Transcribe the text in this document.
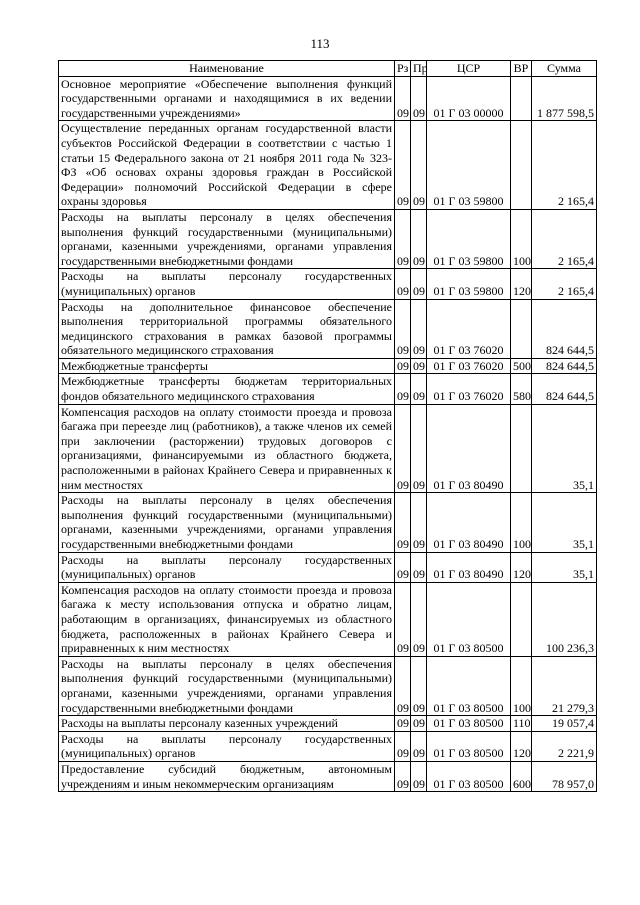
113
Наименование	Рз	Пр	ЦСР	ВР	Сумма
Основное мероприятие «Обеспечение выполнения функций государственными органами и находящимися в их ведении государственными учреждениями»	09	09	01 Г 03 00000		1 877 598,5
Осуществление переданных органам государственной власти субъектов Российской Федерации в соответствии с частью 1 статьи 15 Федерального закона от 21 ноября 2011 года № 323-ФЗ «Об основах охраны здоровья граждан в Российской Федерации» полномочий Российской Федерации в сфере охраны здоровья	09	09	01 Г 03 59800		2 165,4
Расходы на выплаты персоналу в целях обеспечения выполнения функций государственными (муниципальными) органами, казенными учреждениями, органами управления государственными внебюджетными фондами	09	09	01 Г 03 59800	100	2 165,4
Расходы на выплаты персоналу государственных (муниципальных) органов	09	09	01 Г 03 59800	120	2 165,4
Расходы на дополнительное финансовое обеспечение выполнения территориальной программы обязательного медицинского страхования в рамках базовой программы обязательного медицинского страхования	09	09	01 Г 03 76020		824 644,5
Межбюджетные трансферты	09	09	01 Г 03 76020	500	824 644,5
Межбюджетные трансферты бюджетам территориальных фондов обязательного медицинского страхования	09	09	01 Г 03 76020	580	824 644,5
Компенсация расходов на оплату стоимости проезда и провоза багажа при переезде лиц (работников), а также членов их семей при заключении (расторжении) трудовых договоров с организациями, финансируемыми из областного бюджета, расположенными в районах Крайнего Севера и приравненных к ним местностях	09	09	01 Г 03 80490		35,1
Расходы на выплаты персоналу в целях обеспечения выполнения функций государственными (муниципальными) органами, казенными учреждениями, органами управления государственными внебюджетными фондами	09	09	01 Г 03 80490	100	35,1
Расходы на выплаты персоналу государственных (муниципальных) органов	09	09	01 Г 03 80490	120	35,1
Компенсация расходов на оплату стоимости проезда и провоза багажа к месту использования отпуска и обратно лицам, работающим в организациях, финансируемых из областного бюджета, расположенных в районах Крайнего Севера и приравненных к ним местностях	09	09	01 Г 03 80500		100 236,3
Расходы на выплаты персоналу в целях обеспечения выполнения функций государственными (муниципальными) органами, казенными учреждениями, органами управления государственными внебюджетными фондами	09	09	01 Г 03 80500	100	21 279,3
Расходы на выплаты персоналу казенных учреждений	09	09	01 Г 03 80500	110	19 057,4
Расходы на выплаты персоналу государственных (муниципальных) органов	09	09	01 Г 03 80500	120	2 221,9
Предоставление субсидий бюджетным, автономным учреждениям и иным некоммерческим организациям	09	09	01 Г 03 80500	600	78 957,0
